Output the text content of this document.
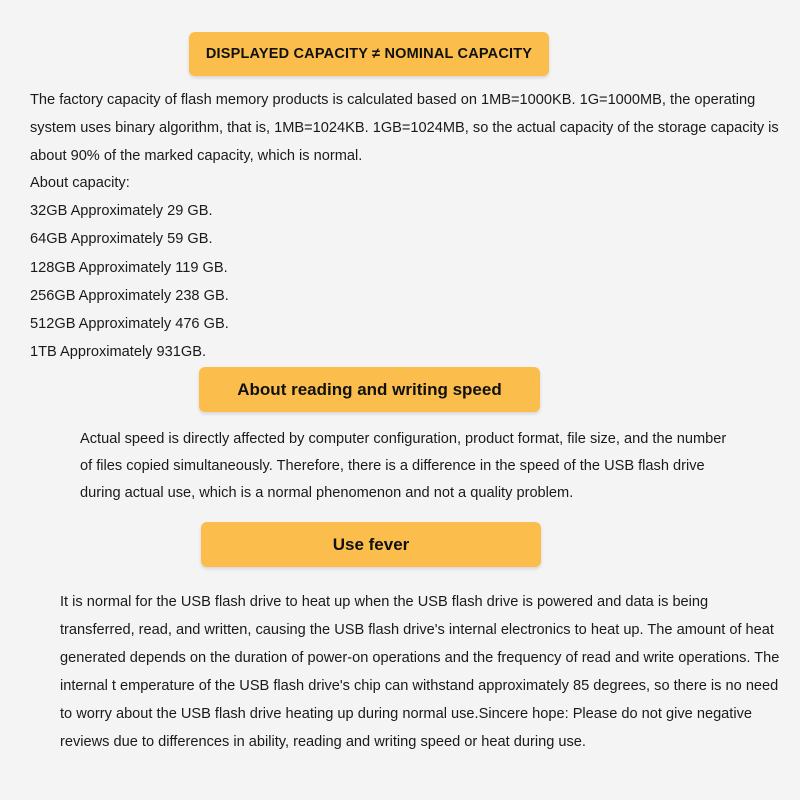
DISPLAYED CAPACITY ≠ NOMINAL CAPACITY

The factory capacity of flash memory products is calculated based on 1MB=1000KB. 1G=1000MB, the operating system uses binary algorithm, that is, 1MB=1024KB. 1GB=1024MB, so the actual capacity of the storage capacity is about 90% of the marked capacity, which is normal.

About capacity:
32GB Approximately 29 GB.
64GB Approximately 59 GB.
128GB Approximately 119 GB.
256GB Approximately 238 GB.
512GB Approximately 476 GB.
1TB Approximately 931GB.
About reading and writing speed

Actual speed is directly affected by computer configuration, product format, file size, and the number of files copied simultaneously. Therefore, there is a difference in the speed of the USB flash drive during actual use, which is a normal phenomenon and not a quality problem.

Use fever

It is normal for the USB flash drive to heat up when the USB flash drive is powered and data is being transferred, read, and written, causing the USB flash drive's internal electronics to heat up. The amount of heat generated depends on the duration of power-on operations and the frequency of read and write operations. The internal t emperature of the USB flash drive's chip can withstand approximately 85 degrees, so there is no need to worry about the USB flash drive heating up during normal use.Sincere hope: Please do not give negative reviews due to differences in ability, reading and writing speed or heat during use.
